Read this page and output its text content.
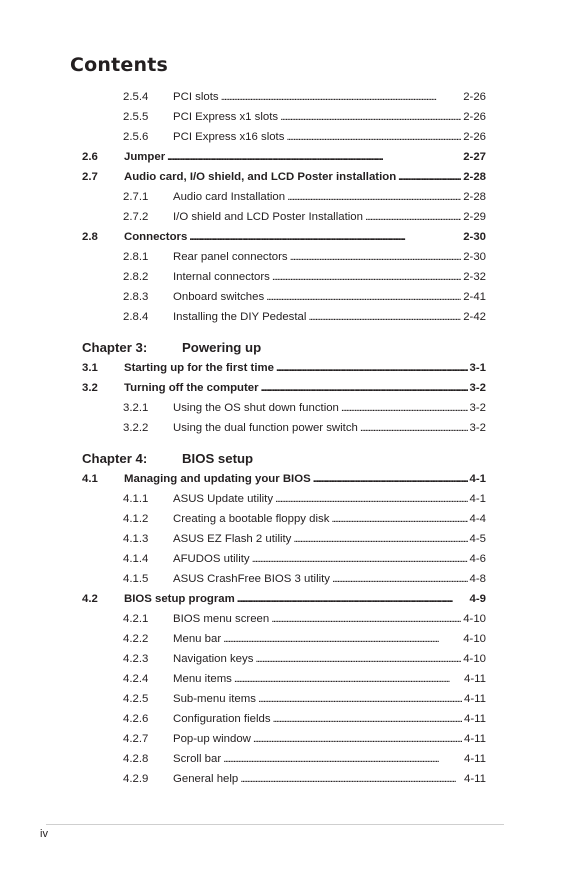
Contents
2.5.4 PCI slots . . .	2-26
2.5.5 PCI Express x1 slots . . .	2-26
2.5.6 PCI Express x16 slots . . .	2-26
2.6 Jumper . . .	2-27
2.7 Audio card, I/O shield, and LCD Poster installation . . .	2-28
2.7.1 Audio card Installation . . .	2-28
2.7.2 I/O shield and LCD Poster Installation . . .	2-29
2.8 Connectors . . .	2-30
2.8.1 Rear panel connectors . . .	2-30
2.8.2 Internal connectors . . .	2-32
2.8.3 Onboard switches . . .	2-41
2.8.4 Installing the DIY Pedestal . . .	2-42
Chapter 3:	Powering up
3.1 Starting up for the first time . . .	3-1
3.2 Turning off the computer . . .	3-2
3.2.1 Using the OS shut down function . . .	3-2
3.2.2 Using the dual function power switch . . .	3-2
Chapter 4:	BIOS setup
4.1 Managing and updating your BIOS . . .	4-1
4.1.1 ASUS Update utility . . .	4-1
4.1.2 Creating a bootable floppy disk . . .	4-4
4.1.3 ASUS EZ Flash 2 utility . . .	4-5
4.1.4 AFUDOS utility . . .	4-6
4.1.5 ASUS CrashFree BIOS 3 utility . . .	4-8
4.2 BIOS setup program . . .	4-9
4.2.1 BIOS menu screen . . .	4-10
4.2.2 Menu bar . . .	4-10
4.2.3 Navigation keys . . .	4-10
4.2.4 Menu items . . .	4-11
4.2.5 Sub-menu items . . .	4-11
4.2.6 Configuration fields . . .	4-11
4.2.7 Pop-up window . . .	4-11
4.2.8 Scroll bar . . .	4-11
4.2.9 General help . . .	4-11
iv
